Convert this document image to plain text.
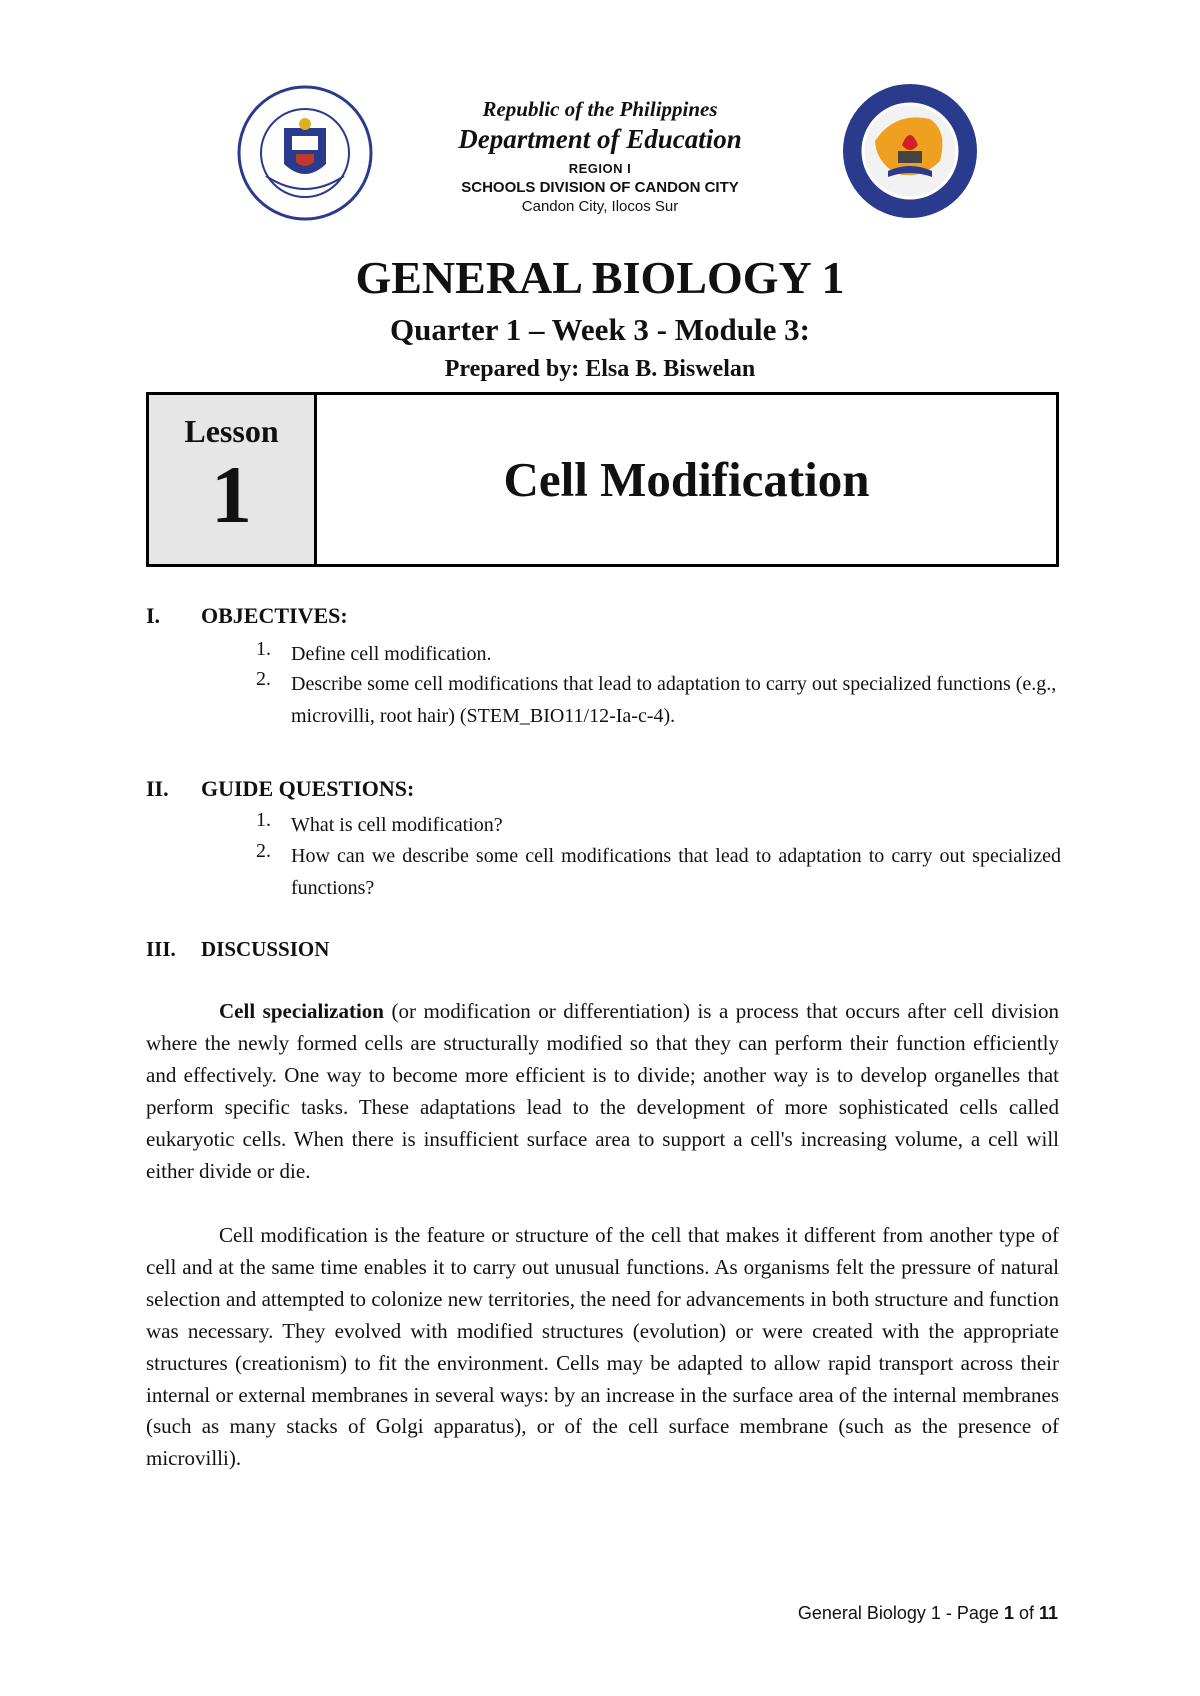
Republic of the Philippines
Department of Education
REGION I
SCHOOLS DIVISION OF CANDON CITY
Candon City, Ilocos Sur
GENERAL BIOLOGY 1
Quarter 1 – Week 3 - Module 3:
Prepared by: Elsa B. Biswelan
Lesson
1	Cell Modification
I. OBJECTIVES:
1. Define cell modification.
2. Describe some cell modifications that lead to adaptation to carry out specialized functions (e.g., microvilli, root hair) (STEM_BIO11/12-Ia-c-4).
II. GUIDE QUESTIONS:
1. What is cell modification?
2. How can we describe some cell modifications that lead to adaptation to carry out specialized functions?
III. DISCUSSION
Cell specialization (or modification or differentiation) is a process that occurs after cell division where the newly formed cells are structurally modified so that they can perform their function efficiently and effectively. One way to become more efficient is to divide; another way is to develop organelles that perform specific tasks. These adaptations lead to the development of more sophisticated cells called eukaryotic cells. When there is insufficient surface area to support a cell's increasing volume, a cell will either divide or die.
Cell modification is the feature or structure of the cell that makes it different from another type of cell and at the same time enables it to carry out unusual functions. As organisms felt the pressure of natural selection and attempted to colonize new territories, the need for advancements in both structure and function was necessary. They evolved with modified structures (evolution) or were created with the appropriate structures (creationism) to fit the environment. Cells may be adapted to allow rapid transport across their internal or external membranes in several ways: by an increase in the surface area of the internal membranes (such as many stacks of Golgi apparatus), or of the cell surface membrane (such as the presence of microvilli).
General Biology 1 - Page 1 of 11
